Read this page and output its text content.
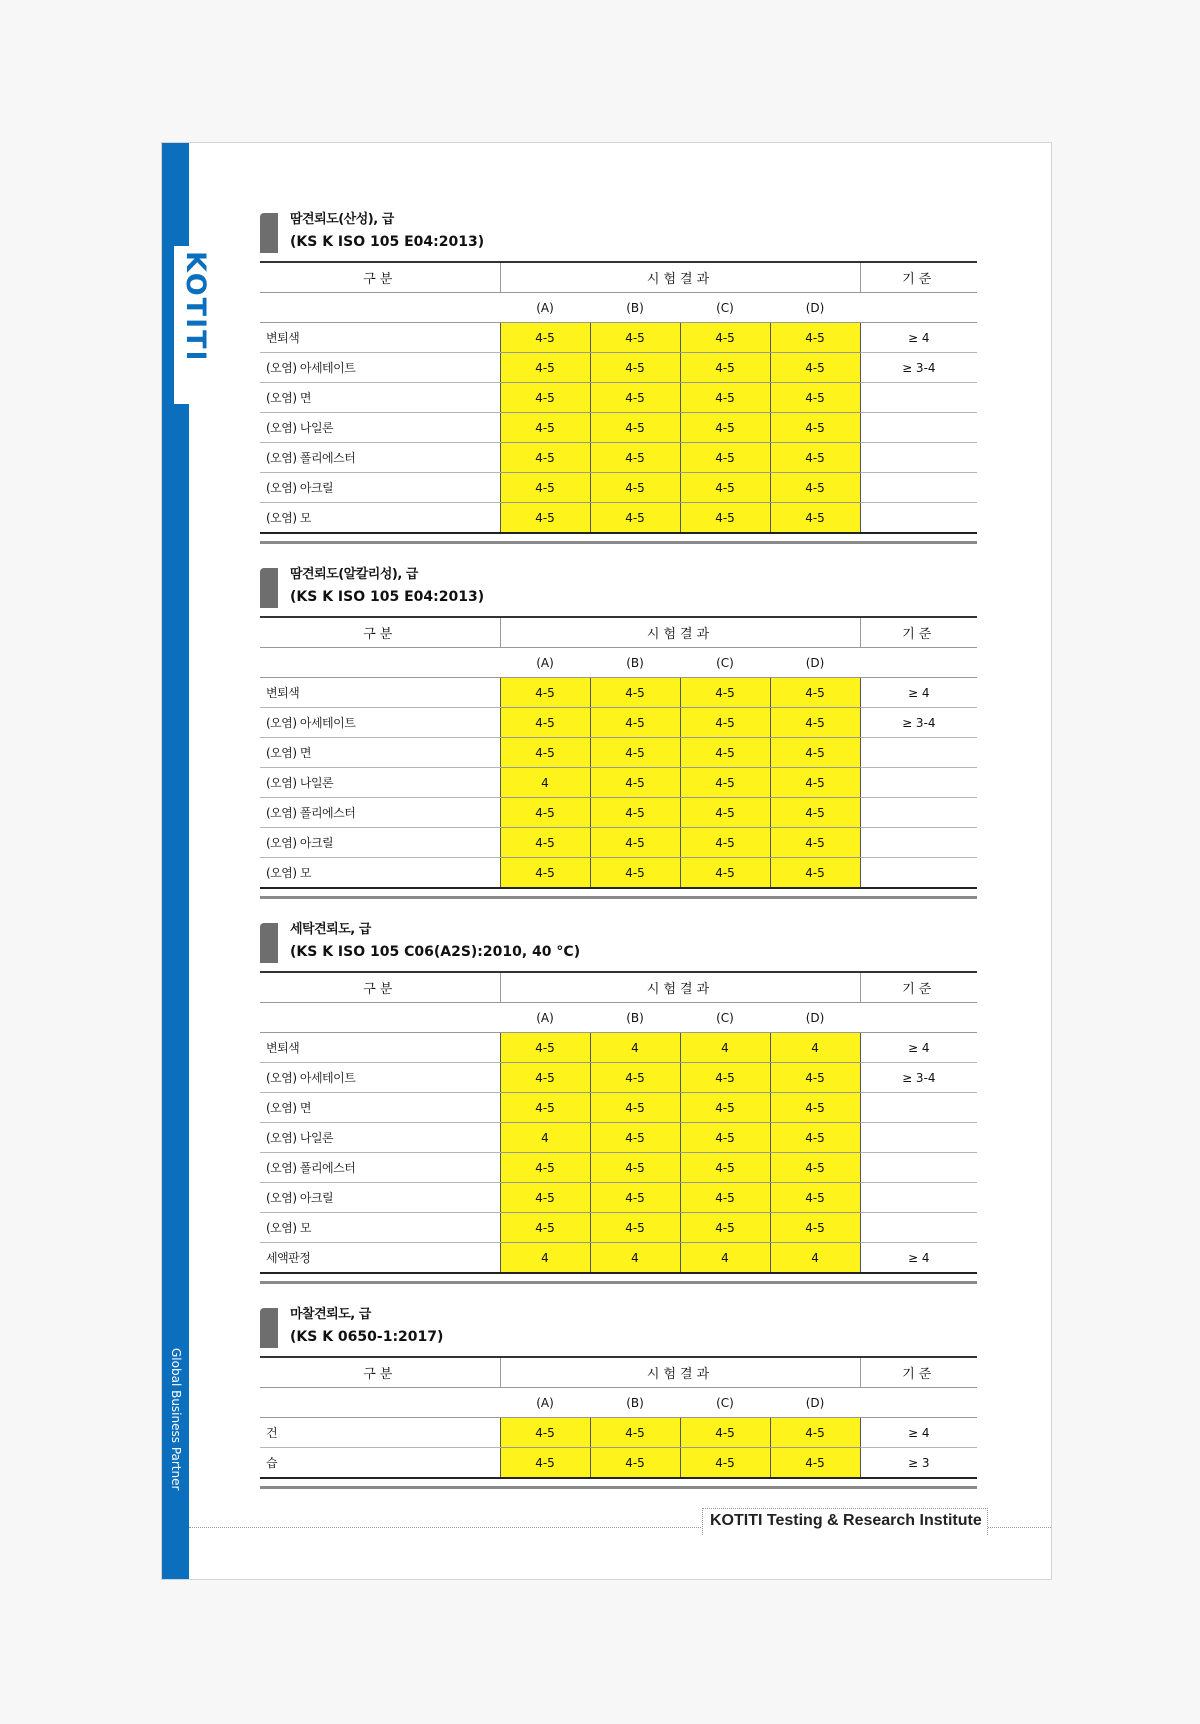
KOTITI
Global Business Partner
땀견뢰도(산성), 급
(KS K ISO 105 E04:2013)
구분	시험결과				기준
	(A)	(B)	(C)	(D)	
변퇴색	4-5	4-5	4-5	4-5	≥ 4
(오염) 아세테이트	4-5	4-5	4-5	4-5	≥ 3-4
(오염) 면	4-5	4-5	4-5	4-5	
(오염) 나일론	4-5	4-5	4-5	4-5	
(오염) 폴리에스터	4-5	4-5	4-5	4-5	
(오염) 아크릴	4-5	4-5	4-5	4-5	
(오염) 모	4-5	4-5	4-5	4-5	
땀견뢰도(알칼리성), 급
(KS K ISO 105 E04:2013)
구분	시험결과				기준
	(A)	(B)	(C)	(D)	
변퇴색	4-5	4-5	4-5	4-5	≥ 4
(오염) 아세테이트	4-5	4-5	4-5	4-5	≥ 3-4
(오염) 면	4-5	4-5	4-5	4-5	
(오염) 나일론	4	4-5	4-5	4-5	
(오염) 폴리에스터	4-5	4-5	4-5	4-5	
(오염) 아크릴	4-5	4-5	4-5	4-5	
(오염) 모	4-5	4-5	4-5	4-5	
세탁견뢰도, 급
(KS K ISO 105 C06(A2S):2010, 40 °C)
구분	시험결과				기준
	(A)	(B)	(C)	(D)	
변퇴색	4-5	4	4	4	≥ 4
(오염) 아세테이트	4-5	4-5	4-5	4-5	≥ 3-4
(오염) 면	4-5	4-5	4-5	4-5	
(오염) 나일론	4	4-5	4-5	4-5	
(오염) 폴리에스터	4-5	4-5	4-5	4-5	
(오염) 아크릴	4-5	4-5	4-5	4-5	
(오염) 모	4-5	4-5	4-5	4-5	
세액판정	4	4	4	4	≥ 4
마찰견뢰도, 급
(KS K 0650-1:2017)
구분	시험결과				기준
	(A)	(B)	(C)	(D)	
건	4-5	4-5	4-5	4-5	≥ 4
습	4-5	4-5	4-5	4-5	≥ 3
KOTITI Testing & Research Institute
